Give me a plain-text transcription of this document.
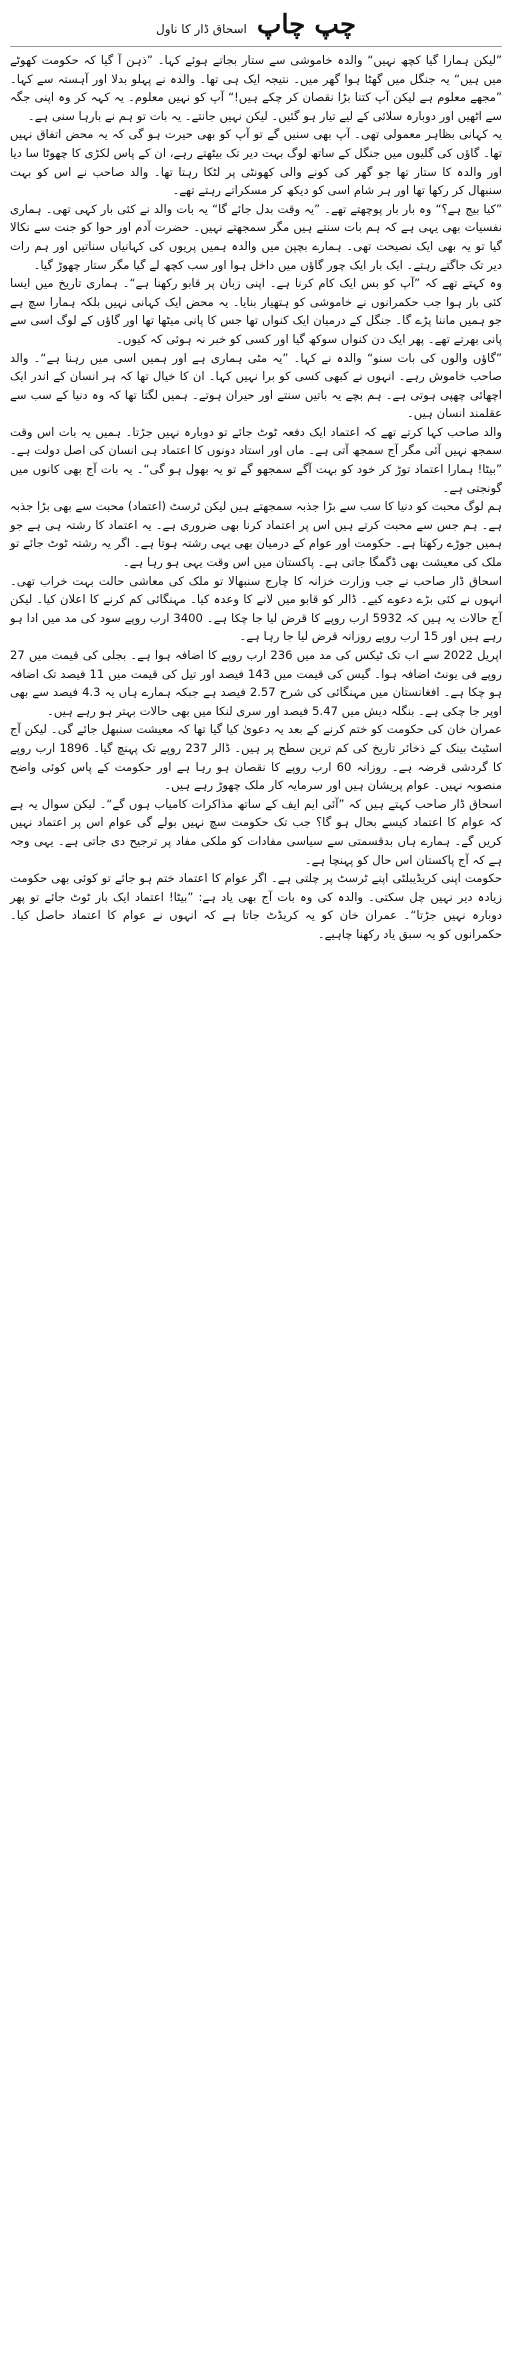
چپ چاپ
اسحاق ڈار کا ناول

”لیکن ہمارا گیا کچھ نہیں“ والدہ خاموشی سے ستار بجاتے ہوئے کہا۔ ”ذہن آ گیا کہ حکومت کھوٹے میں ہیں“ یہ جنگل میں گھٹا ہوا گھر میں۔ نتیجہ ایک ہی تھا۔ والدہ نے پہلو بدلا اور آہستہ سے کہا۔ ”مجھے معلوم ہے لیکن آپ کتنا بڑا نقصان کر چکے ہیں!“ آپ کو نہیں معلوم۔ یہ کہہ کر وہ اپنی جگہ سے اٹھیں اور دوبارہ سلائی کے لیے تیار ہو گئیں۔ لیکن نہیں جانتے۔ یہ بات تو ہم نے بارہا سنی ہے۔

یہ کہانی بظاہر معمولی تھی۔ آپ بھی سنیں گے تو آپ کو بھی حیرت ہو گی کہ یہ محض اتفاق نہیں تھا۔ گاؤں کی گلیوں میں جنگل کے ساتھ لوگ بہت دیر تک بیٹھتے رہے، ان کے پاس لکڑی کا چھوٹا سا دیا اور والدہ کا ستار تھا جو گھر کی کونے والی کھونٹی پر لٹکا رہتا تھا۔ والد صاحب نے اس کو بہت سنبھال کر رکھا تھا اور ہر شام اسی کو دیکھ کر مسکراتے رہتے تھے۔

”کیا بیج ہے؟“ وہ بار بار پوچھتے تھے۔ ”یہ وقت بدل جائے گا“ یہ بات والد نے کئی بار کہی تھی۔ ہماری نفسیات بھی یہی ہے کہ ہم بات سنتے ہیں مگر سمجھتے نہیں۔ حضرت آدم اور حوا کو جنت سے نکالا گیا تو یہ بھی ایک نصیحت تھی۔ ہمارے بچپن میں والدہ ہمیں پریوں کی کہانیاں سناتیں اور ہم رات دیر تک جاگتے رہتے۔ ایک بار ایک چور گاؤں میں داخل ہوا اور سب کچھ لے گیا مگر ستار چھوڑ گیا۔

وہ کہتے تھے کہ ”آپ کو بس ایک کام کرنا ہے۔ اپنی زبان پر قابو رکھنا ہے“۔ ہماری تاریخ میں ایسا کئی بار ہوا جب حکمرانوں نے خاموشی کو ہتھیار بنایا۔ یہ محض ایک کہانی نہیں بلکہ ہمارا سچ ہے جو ہمیں ماننا پڑے گا۔ جنگل کے درمیان ایک کنواں تھا جس کا پانی میٹھا تھا اور گاؤں کے لوگ اسی سے پانی بھرتے تھے۔ پھر ایک دن کنواں سوکھ گیا اور کسی کو خبر نہ ہوئی کہ کیوں۔

”گاؤں والوں کی بات سنو“ والدہ نے کہا۔ ”یہ مٹی ہماری ہے اور ہمیں اسی میں رہنا ہے“۔ والد صاحب خاموش رہے۔ انہوں نے کبھی کسی کو برا نہیں کہا۔ ان کا خیال تھا کہ ہر انسان کے اندر ایک اچھائی چھپی ہوتی ہے۔ ہم بچے یہ باتیں سنتے اور حیران ہوتے۔ ہمیں لگتا تھا کہ وہ دنیا کے سب سے عقلمند انسان ہیں۔

والد صاحب کہا کرتے تھے کہ اعتماد ایک دفعہ ٹوٹ جائے تو دوبارہ نہیں جڑتا۔ ہمیں یہ بات اس وقت سمجھ نہیں آئی مگر آج سمجھ آتی ہے۔ ماں اور استاد دونوں کا اعتماد ہی انسان کی اصل دولت ہے۔ ”بیٹا! ہمارا اعتماد توڑ کر خود کو بہت آگے سمجھو گے تو یہ بھول ہو گی“۔ یہ بات آج بھی کانوں میں گونجتی ہے۔

ہم لوگ محبت کو دنیا کا سب سے بڑا جذبہ سمجھتے ہیں لیکن ٹرسٹ (اعتماد) محبت سے بھی بڑا جذبہ ہے۔ ہم جس سے محبت کرتے ہیں اس پر اعتماد کرنا بھی ضروری ہے۔ یہ اعتماد کا رشتہ ہی ہے جو ہمیں جوڑے رکھتا ہے۔ حکومت اور عوام کے درمیان بھی یہی رشتہ ہوتا ہے۔ اگر یہ رشتہ ٹوٹ جائے تو ملک کی معیشت بھی ڈگمگا جاتی ہے۔ پاکستان میں اس وقت یہی ہو رہا ہے۔

اسحاق ڈار صاحب نے جب وزارت خزانہ کا چارج سنبھالا تو ملک کی معاشی حالت بہت خراب تھی۔ انہوں نے کئی بڑے دعوے کیے۔ ڈالر کو قابو میں لانے کا وعدہ کیا۔ مہنگائی کم کرنے کا اعلان کیا۔ لیکن آج حالات یہ ہیں کہ 5932 ارب روپے کا قرض لیا جا چکا ہے۔ 3400 ارب روپے سود کی مد میں ادا ہو رہے ہیں اور 15 ارب روپے روزانہ قرض لیا جا رہا ہے۔

اپریل 2022 سے اب تک ٹیکس کی مد میں 236 ارب روپے کا اضافہ ہوا ہے۔ بجلی کی قیمت میں 27 روپے فی یونٹ اضافہ ہوا۔ گیس کی قیمت میں 143 فیصد اور تیل کی قیمت میں 11 فیصد تک اضافہ ہو چکا ہے۔ افغانستان میں مہنگائی کی شرح 2.57 فیصد ہے جبکہ ہمارے ہاں یہ 4.3 فیصد سے بھی اوپر جا چکی ہے۔ بنگلہ دیش میں 5.47 فیصد اور سری لنکا میں بھی حالات بہتر ہو رہے ہیں۔

عمران خان کی حکومت کو ختم کرنے کے بعد یہ دعویٰ کیا گیا تھا کہ معیشت سنبھل جائے گی۔ لیکن آج اسٹیٹ بینک کے ذخائر تاریخ کی کم ترین سطح پر ہیں۔ ڈالر 237 روپے تک پہنچ گیا۔ 1896 ارب روپے کا گردشی قرضہ ہے۔ روزانہ 60 ارب روپے کا نقصان ہو رہا ہے اور حکومت کے پاس کوئی واضح منصوبہ نہیں۔ عوام پریشان ہیں اور سرمایہ کار ملک چھوڑ رہے ہیں۔

اسحاق ڈار صاحب کہتے ہیں کہ ”آئی ایم ایف کے ساتھ مذاکرات کامیاب ہوں گے“۔ لیکن سوال یہ ہے کہ عوام کا اعتماد کیسے بحال ہو گا؟ جب تک حکومت سچ نہیں بولے گی عوام اس پر اعتماد نہیں کریں گے۔ ہمارے ہاں بدقسمتی سے سیاسی مفادات کو ملکی مفاد پر ترجیح دی جاتی ہے۔ یہی وجہ ہے کہ آج پاکستان اس حال کو پہنچا ہے۔

حکومت اپنی کریڈیبلٹی اپنے ٹرسٹ پر چلتی ہے۔ اگر عوام کا اعتماد ختم ہو جائے تو کوئی بھی حکومت زیادہ دیر نہیں چل سکتی۔ والدہ کی وہ بات آج بھی یاد ہے: ”بیٹا! اعتماد ایک بار ٹوٹ جائے تو پھر دوبارہ نہیں جڑتا“۔ عمران خان کو یہ کریڈٹ جاتا ہے کہ انہوں نے عوام کا اعتماد حاصل کیا۔ حکمرانوں کو یہ سبق یاد رکھنا چاہیے۔
